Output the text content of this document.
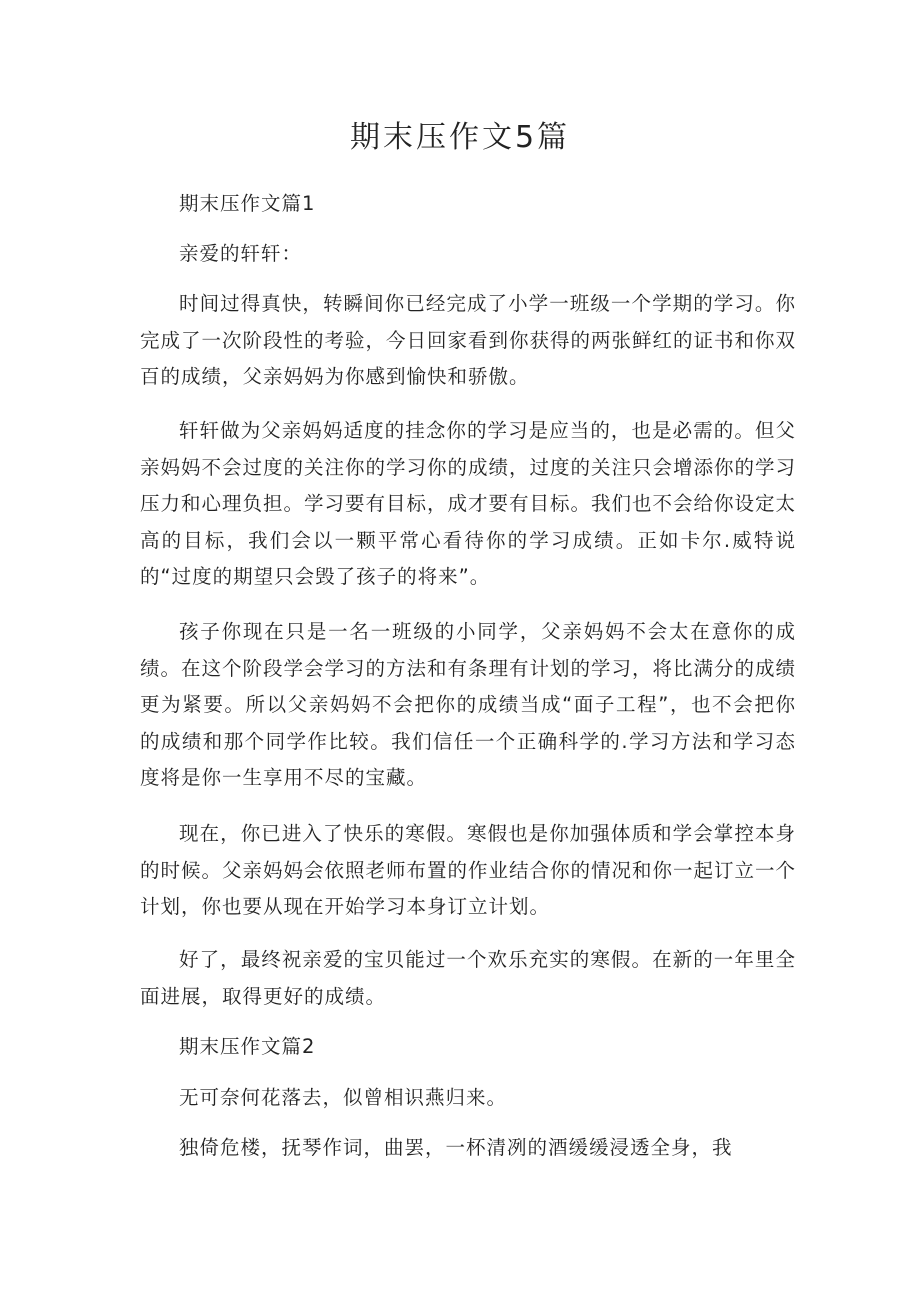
期末压作文5篇

期末压作文篇1

亲爱的轩轩：

时间过得真快，转瞬间你已经完成了小学一班级一个学期的学习。你完成了一次阶段性的考验，今日回家看到你获得的两张鲜红的证书和你双百的成绩，父亲妈妈为你感到愉快和骄傲。

轩轩做为父亲妈妈适度的挂念你的学习是应当的，也是必需的。但父亲妈妈不会过度的关注你的学习你的成绩，过度的关注只会增添你的学习压力和心理负担。学习要有目标，成才要有目标。我们也不会给你设定太高的目标，我们会以一颗平常心看待你的学习成绩。正如卡尔.威特说的“过度的期望只会毁了孩子的将来”。

孩子你现在只是一名一班级的小同学，父亲妈妈不会太在意你的成绩。在这个阶段学会学习的方法和有条理有计划的学习，将比满分的成绩更为紧要。所以父亲妈妈不会把你的成绩当成“面子工程”，也不会把你的成绩和那个同学作比较。我们信任一个正确科学的.学习方法和学习态度将是你一生享用不尽的宝藏。

现在，你已进入了快乐的寒假。寒假也是你加强体质和学会掌控本身的时候。父亲妈妈会依照老师布置的作业结合你的情况和你一起订立一个计划，你也要从现在开始学习本身订立计划。

好了，最终祝亲爱的宝贝能过一个欢乐充实的寒假。在新的一年里全面进展，取得更好的成绩。

期末压作文篇2

无可奈何花落去，似曾相识燕归来。

独倚危楼，抚琴作词，曲罢，一杯清冽的酒缓缓浸透全身，我
